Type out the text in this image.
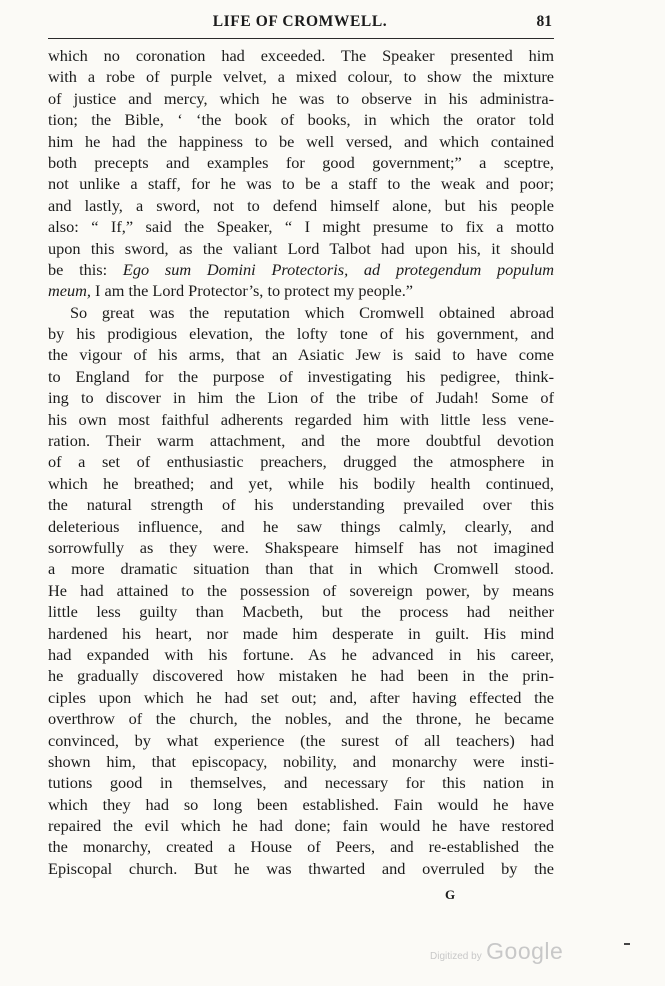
LIFE OF CROMWELL.	81
which no coronation had exceeded. The Speaker presented him
with a robe of purple velvet, a mixed colour, to show the mixture
of justice and mercy, which he was to observe in his administra-
tion; the Bible, ‘ ‘the book of books, in which the orator told
him he had the happiness to be well versed, and which contained
both precepts and examples for good government;” a sceptre,
not unlike a staff, for he was to be a staff to the weak and poor;
and lastly, a sword, not to defend himself alone, but his people
also: “ If,” said the Speaker, “ I might presume to fix a motto
upon this sword, as the valiant Lord Talbot had upon his, it should
be this: Ego sum Domini Protectoris, ad protegendum populum
meum, I am the Lord Protector’s, to protect my people.”
So great was the reputation which Cromwell obtained abroad
by his prodigious elevation, the lofty tone of his government, and
the vigour of his arms, that an Asiatic Jew is said to have come
to England for the purpose of investigating his pedigree, think-
ing to discover in him the Lion of the tribe of Judah! Some of
his own most faithful adherents regarded him with little less vene-
ration. Their warm attachment, and the more doubtful devotion
of a set of enthusiastic preachers, drugged the atmosphere in
which he breathed; and yet, while his bodily health continued,
the natural strength of his understanding prevailed over this
deleterious influence, and he saw things calmly, clearly, and
sorrowfully as they were. Shakspeare himself has not imagined
a more dramatic situation than that in which Cromwell stood.
He had attained to the possession of sovereign power, by means
little less guilty than Macbeth, but the process had neither
hardened his heart, nor made him desperate in guilt. His mind
had expanded with his fortune. As he advanced in his career,
he gradually discovered how mistaken he had been in the prin-
ciples upon which he had set out; and, after having effected the
overthrow of the church, the nobles, and the throne, he became
convinced, by what experience (the surest of all teachers) had
shown him, that episcopacy, nobility, and monarchy were insti-
tutions good in themselves, and necessary for this nation in
which they had so long been established. Fain would he have
repaired the evil which he had done; fain would he have restored
the monarchy, created a House of Peers, and re-established the
Episcopal church. But he was thwarted and overruled by the
G
Digitized by Google
